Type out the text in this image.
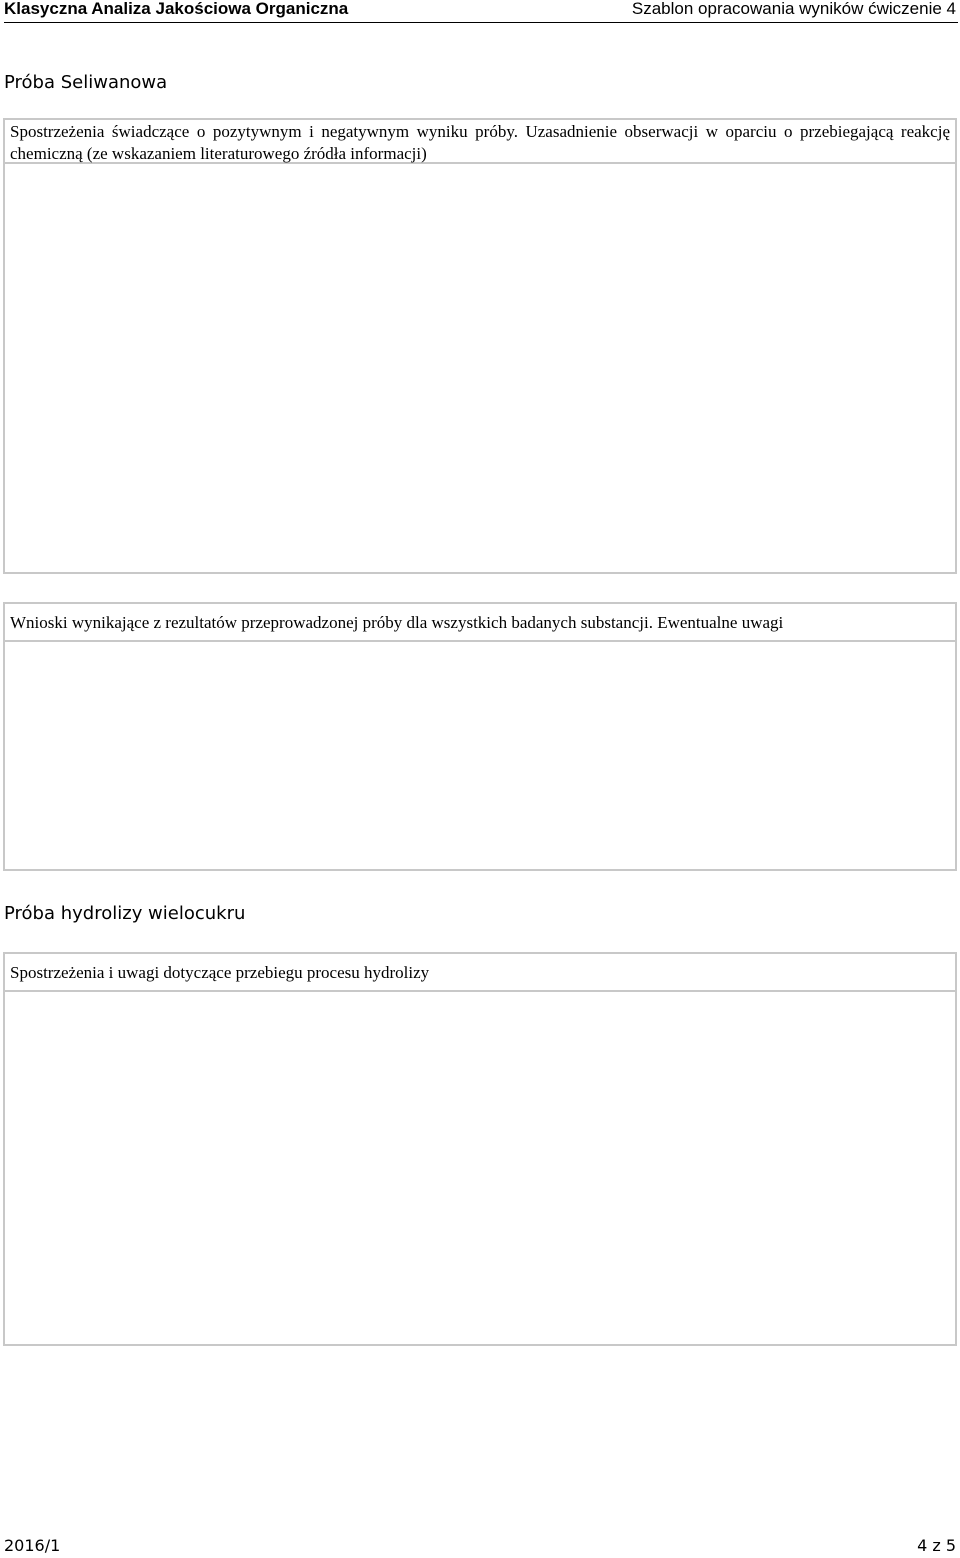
Klasyczna Analiza Jakościowa Organiczna	Szablon opracowania wyników ćwiczenie 4
Próba Seliwanowa
Spostrzeżenia świadczące o pozytywnym i negatywnym wyniku próby. Uzasadnienie obserwacji w oparciu o przebiegającą reakcję chemiczną (ze wskazaniem literaturowego źródła informacji)
Wnioski wynikające z rezultatów przeprowadzonej próby dla wszystkich badanych substancji. Ewentualne uwagi
Próba hydrolizy wielocukru
Spostrzeżenia i uwagi dotyczące przebiegu procesu hydrolizy
2016/1	4 z 5
